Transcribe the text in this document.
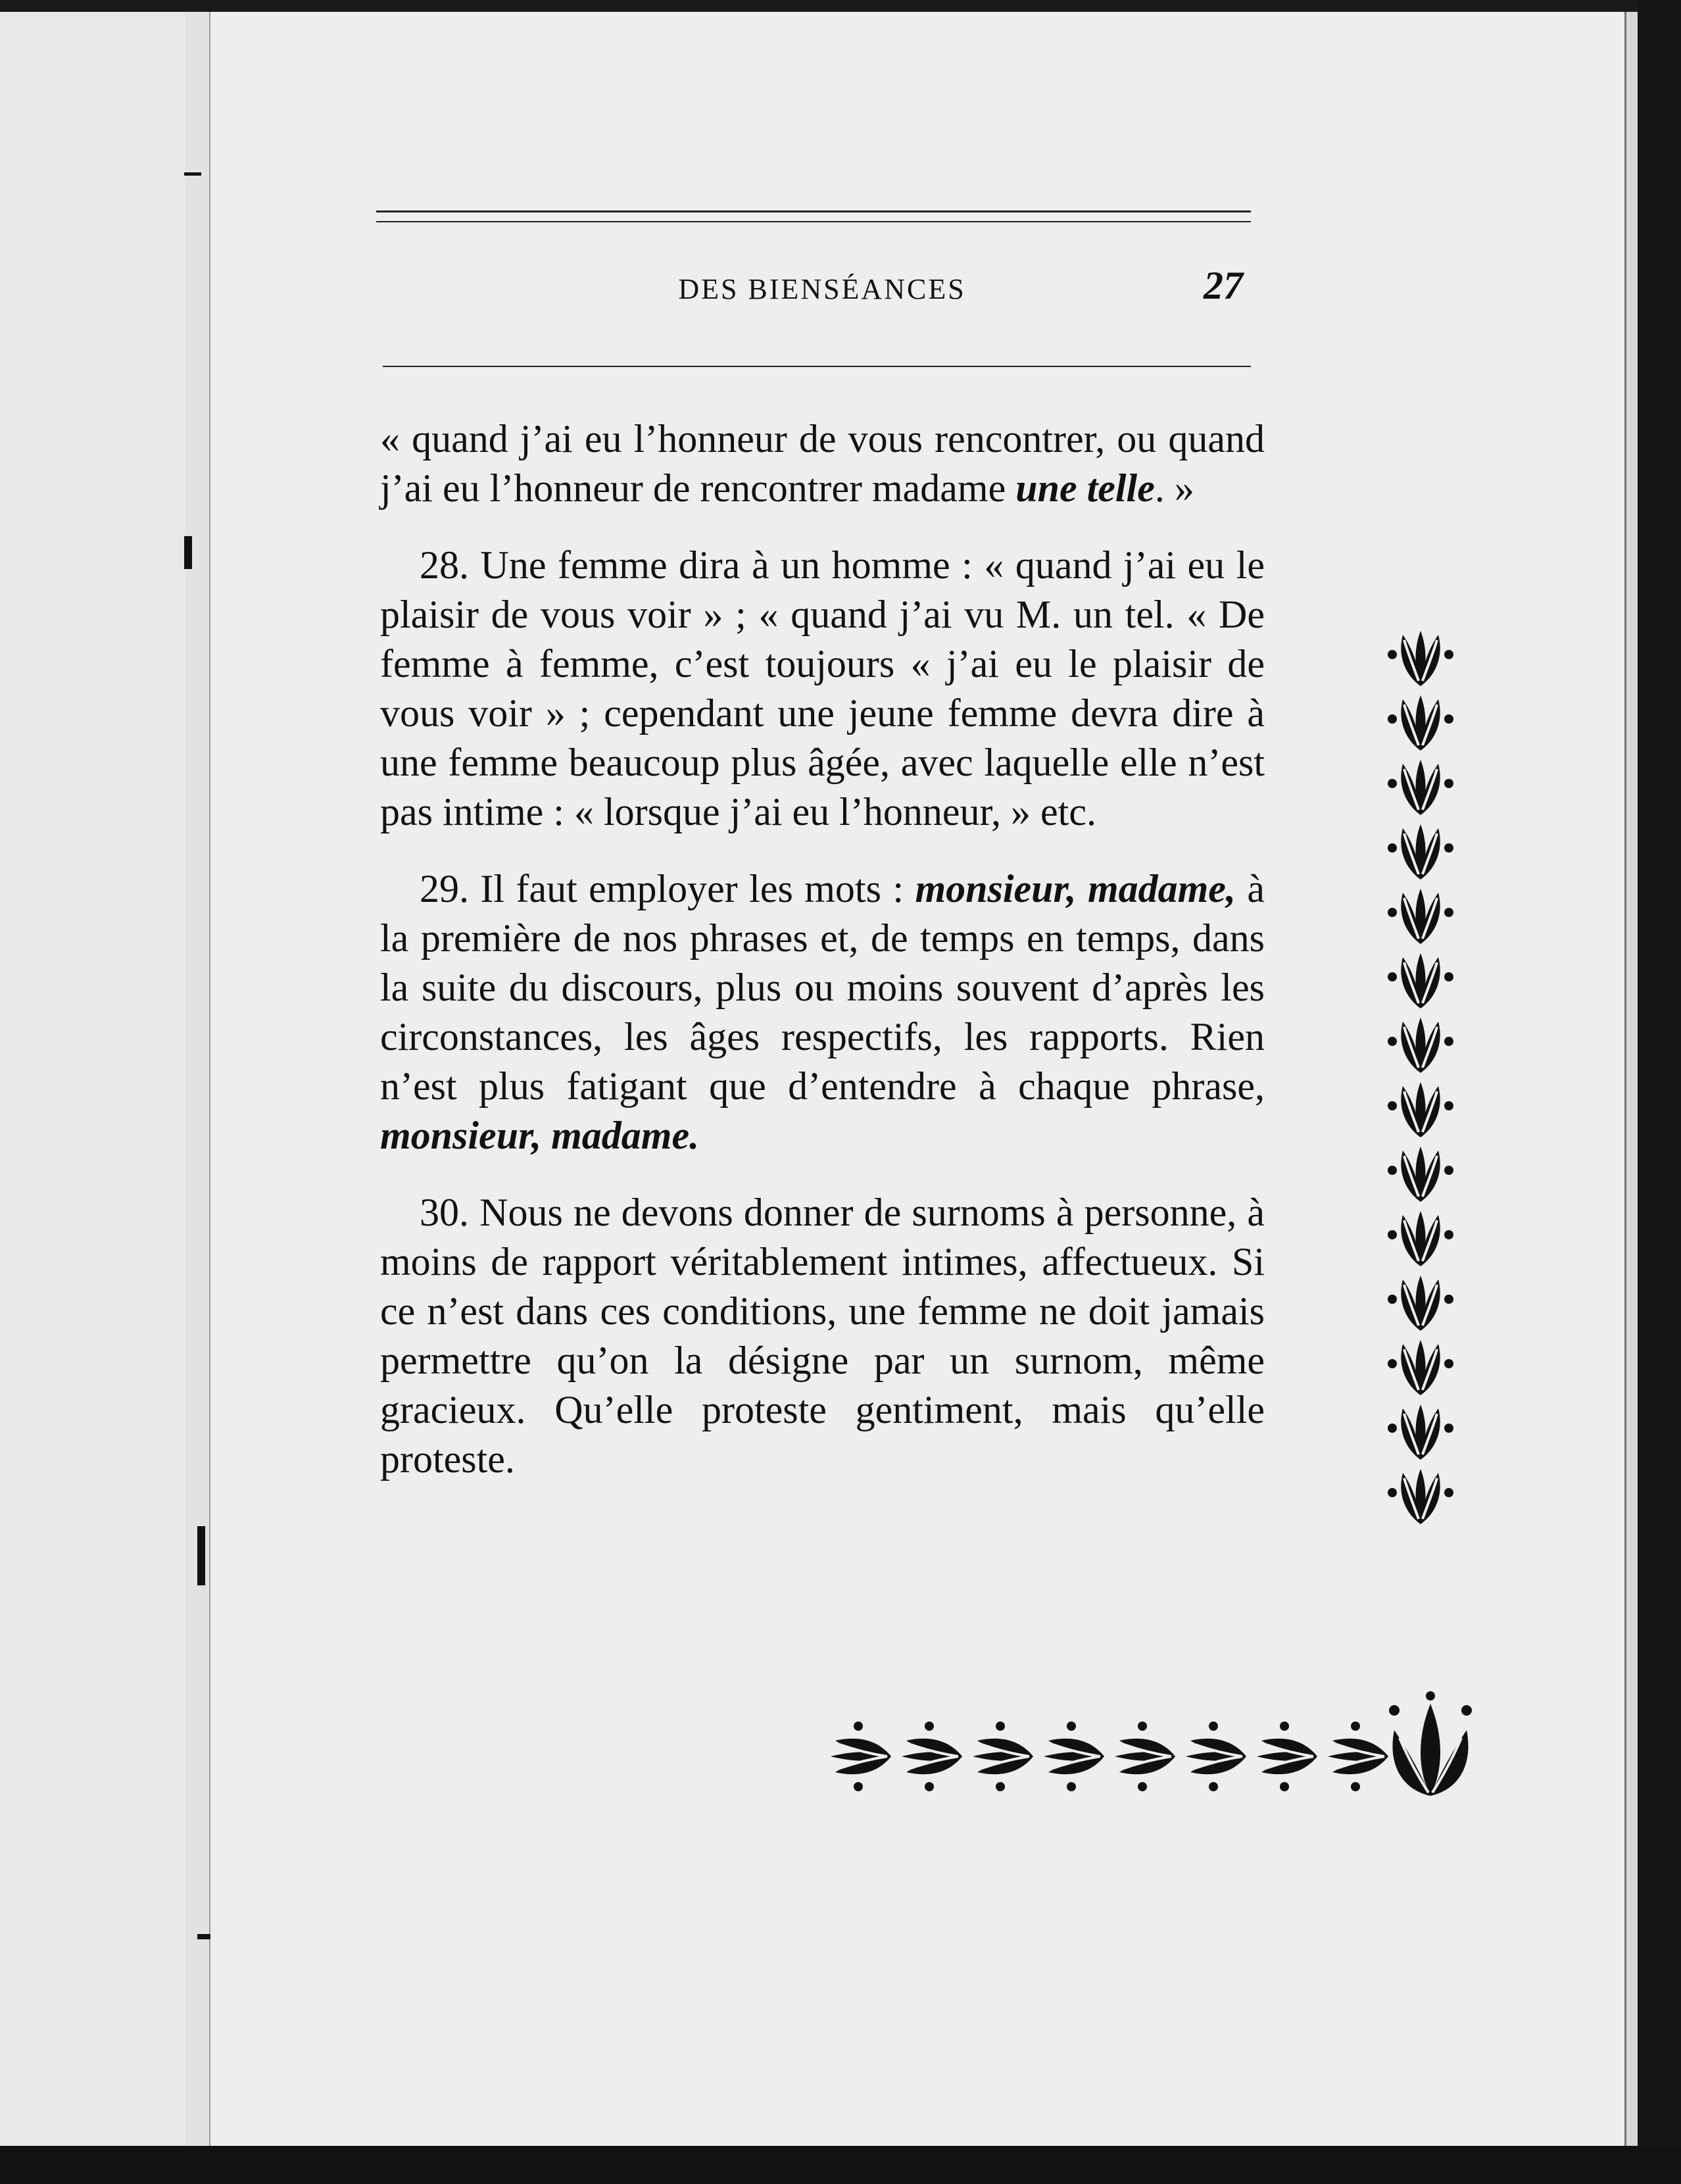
DES BIENSÉANCES	27

« quand j’ai eu l’honneur de vous rencontrer, ou quand j’ai eu l’honneur de rencontrer madame une telle. »

28. Une femme dira à un homme : « quand j’ai eu le plaisir de vous voir » ; « quand j’ai vu M. un tel. « De femme à femme, c’est toujours « j’ai eu le plaisir de vous voir » ; cependant une jeune femme devra dire à une femme beaucoup plus âgée, avec laquelle elle n’est pas intime : « lorsque j’ai eu l’honneur, » etc.

29. Il faut employer les mots : monsieur, madame, à la première de nos phrases et, de temps en temps, dans la suite du discours, plus ou moins souvent d’après les circonstances, les âges respectifs, les rapports. Rien n’est plus fatigant que d’entendre à chaque phrase, monsieur, madame.

30. Nous ne devons donner de surnoms à personne, à moins de rapport véritablement intimes, affectueux. Si ce n’est dans ces conditions, une femme ne doit jamais permettre qu’on la désigne par un surnom, même gracieux. Qu’elle proteste gentiment, mais qu’elle proteste.
